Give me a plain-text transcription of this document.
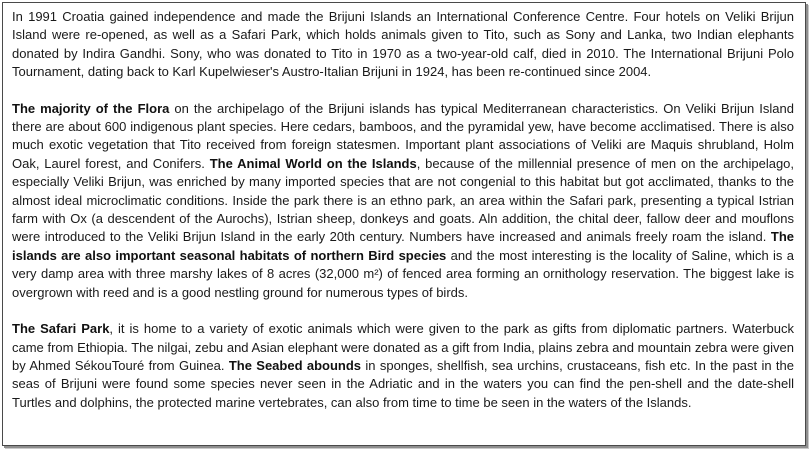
In 1991 Croatia gained independence and made the Brijuni Islands an International Conference Centre. Four hotels on Veliki Brijun Island were re-opened, as well as a Safari Park, which holds animals given to Tito, such as Sony and Lanka, two Indian elephants donated by Indira Gandhi. Sony, who was donated to Tito in 1970 as a two-year-old calf, died in 2010. The International Brijuni Polo Tournament, dating back to Karl Kupelwieser's Austro-Italian Brijuni in 1924, has been re-continued since 2004.

The majority of the Flora on the archipelago of the Brijuni islands has typical Mediterranean characteristics. On Veliki Brijun Island there are about 600 indigenous plant species. Here cedars, bamboos, and the pyramidal yew, have become acclimatised. There is also much exotic vegetation that Tito received from foreign statesmen. Important plant associations of Veliki are Maquis shrubland, Holm Oak, Laurel forest, and Conifers. The Animal World on the Islands, because of the millennial presence of men on the archipelago, especially Veliki Brijun, was enriched by many imported species that are not congenial to this habitat but got acclimated, thanks to the almost ideal microclimatic conditions. Inside the park there is an ethno park, an area within the Safari park, presenting a typical Istrian farm with Ox (a descendent of the Aurochs), Istrian sheep, donkeys and goats. Aln addition, the chital deer, fallow deer and mouflons were introduced to the Veliki Brijun Island in the early 20th century. Numbers have increased and animals freely roam the island. The islands are also important seasonal habitats of northern Bird species and the most interesting is the locality of Saline, which is a very damp area with three marshy lakes of 8 acres (32,000 m²) of fenced area forming an ornithology reservation. The biggest lake is overgrown with reed and is a good nestling ground for numerous types of birds.

The Safari Park, it is home to a variety of exotic animals which were given to the park as gifts from diplomatic partners. Waterbuck came from Ethiopia. The nilgai, zebu and Asian elephant were donated as a gift from India, plains zebra and mountain zebra were given by Ahmed SékouTouré from Guinea. The Seabed abounds in sponges, shellfish, sea urchins, crustaceans, fish etc. In the past in the seas of Brijuni were found some species never seen in the Adriatic and in the waters you can find the pen-shell and the date-shell Turtles and dolphins, the protected marine vertebrates, can also from time to time be seen in the waters of the Islands.
